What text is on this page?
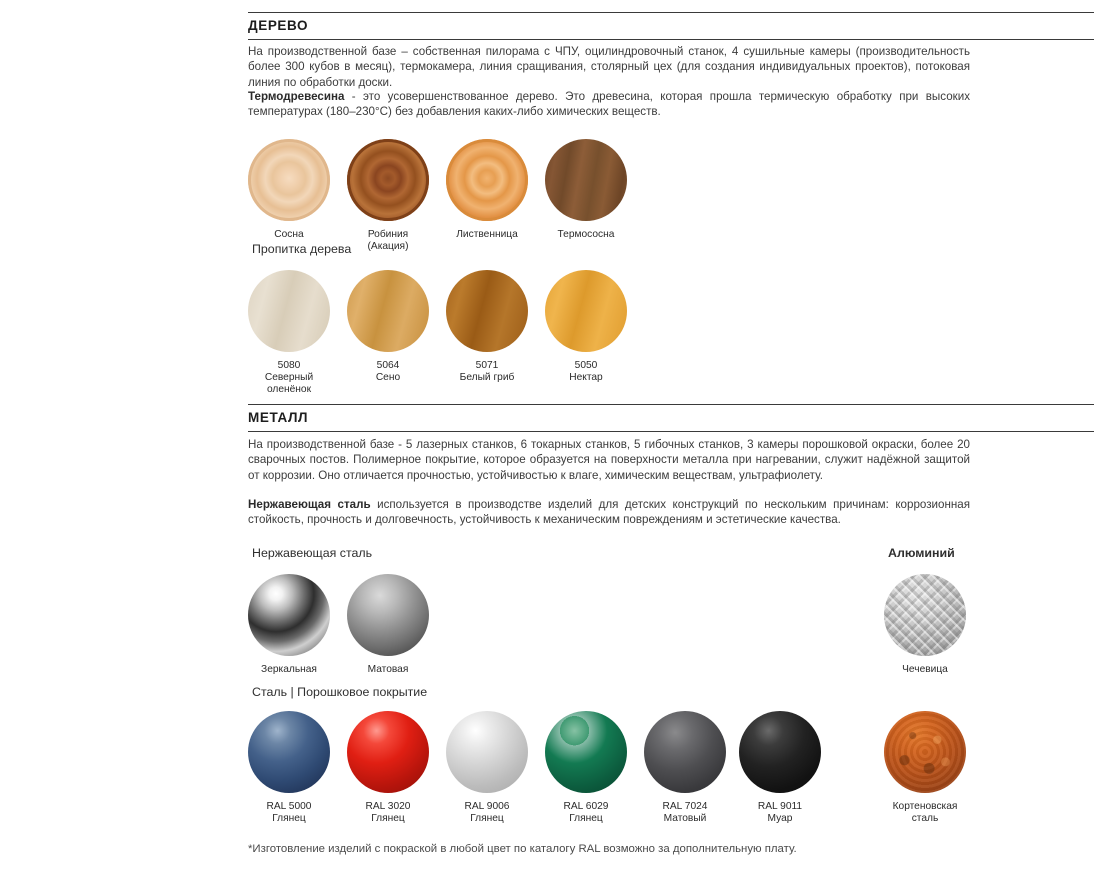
ДЕРЕВО
На производственной базе – собственная пилорама с ЧПУ, оцилиндровочный станок, 4 сушильные камеры (производительность более 300 кубов в месяц), термокамера, линия сращивания, столярный цех (для создания индивидуальных проектов), потоковая линия по обработки доски.
Термодревесина - это усовершенствованное дерево. Это древесина, которая прошла термическую обработку при высоких температурах (180–230°C) без добавления каких-либо химических веществ.
Сосна	Робиния (Акация)
Лиственница	Термососна
Пропитка дерева
5080
Северный
оленёнок
5064
Сено
5071
Белый гриб
5050
Нектар
МЕТАЛЛ
На производственной базе - 5 лазерных станков, 6 токарных станков, 5 гибочных станков, 3 камеры порошковой окраски, более 20 сварочных постов. Полимерное покрытие, которое образуется на поверхности металла при нагревании, служит надёжной защитой от коррозии. Оно отличается прочностью, устойчивостью к влаге, химическим веществам, ультрафиолету.
Нержавеющая сталь используется в производстве изделий для детских конструкций по нескольким причинам: коррозионная стойкость, прочность и долговечность, устойчивость к механическим повреждениям и эстетические качества.
Нержавеющая сталь	Алюминий
Зеркальная	Матовая	Чечевица
Сталь | Порошковое покрытие
RAL 5000
Глянец
RAL 3020
Глянец
RAL 9006
Глянец
RAL 6029
Глянец
RAL 7024
Матовый
RAL 9011
Муар
Кортеновская
сталь
*Изготовление изделий с покраской в любой цвет по каталогу RAL возможно за дополнительную плату.
